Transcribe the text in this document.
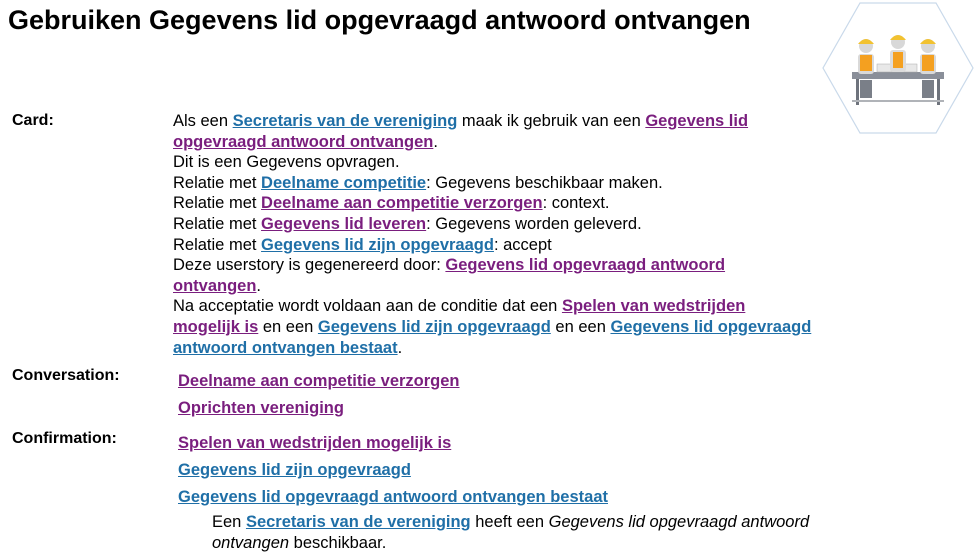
Gebruiken Gegevens lid opgevraagd antwoord ontvangen
Card:	Als een Secretaris van de vereniging maak ik gebruik van een Gegevens lid opgevraagd antwoord ontvangen.

Dit is een Gegevens opvragen.

Relatie met Deelname competitie: Gegevens beschikbaar maken.

Relatie met Deelname aan competitie verzorgen: context.

Relatie met Gegevens lid leveren: Gegevens worden geleverd.

Relatie met Gegevens lid zijn opgevraagd: accept

Deze userstory is gegenereerd door: Gegevens lid opgevraagd antwoord ontvangen.

Na acceptatie wordt voldaan aan de conditie dat een Spelen van wedstrijden mogelijk is en een Gegevens lid zijn opgevraagd en een Gegevens lid opgevraagd antwoord ontvangen bestaat.

Conversation:	Deelname aan competitie verzorgen
Oprichten vereniging
Confirmation:	Spelen van wedstrijden mogelijk is
Gegevens lid zijn opgevraagd
Gegevens lid opgevraagd antwoord ontvangen bestaat
Een Secretaris van de vereniging heeft een Gegevens lid opgevraagd antwoord ontvangen beschikbaar.
